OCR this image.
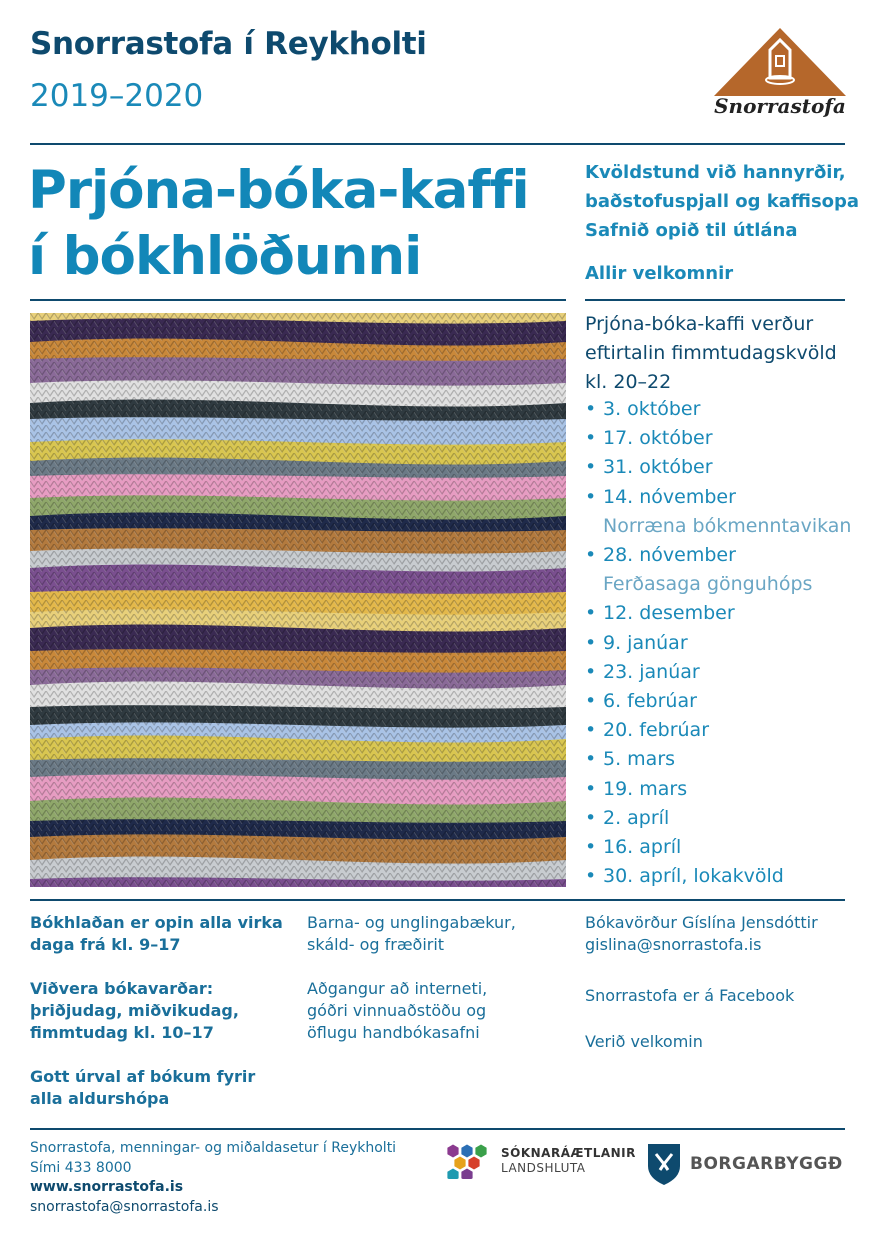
Snorrastofa í Reykholti
2019–2020	Snorrastofa
Prjóna-bóka-kaffi
í bókhlöðunni
Kvöldstund við hannyrðir,
baðstofuspjall og kaffisopa
Safnið opið til útlána
Allir velkomnir
Prjóna-bóka-kaffi verður
eftirtalin fimmtudagskvöld
kl. 20–22
• 3. október
• 17. október
• 31. október
• 14. nóvember
Norræna bókmenntavikan
• 28. nóvember
Ferðasaga gönguhóps
• 12. desember
• 9. janúar
• 23. janúar
• 6. febrúar
• 20. febrúar
• 5. mars
• 19. mars
• 2. apríl
• 16. apríl
• 30. apríl, lokakvöld

Bókhlaðan er opin alla virka
daga frá kl. 9–17

Viðvera bókavarðar:
þriðjudag, miðvikudag,
fimmtudag kl. 10–17

Gott úrval af bókum fyrir
alla aldurshópa

Barna- og unglingabækur,
skáld- og fræðirit

Aðgangur að interneti,
góðri vinnuaðstöðu og
öflugu handbókasafni

Bókavörður Gíslína Jensdóttir
gislina@snorrastofa.is

Snorrastofa er á Facebook

Verið velkomin

Snorrastofa, menningar- og miðaldasetur í Reykholti
Sími 433 8000
www.snorrastofa.is
snorrastofa@snorrastofa.is
SÓKNARÁÆTLANIR
LANDSHLUTA	BORGARBYGGÐ
